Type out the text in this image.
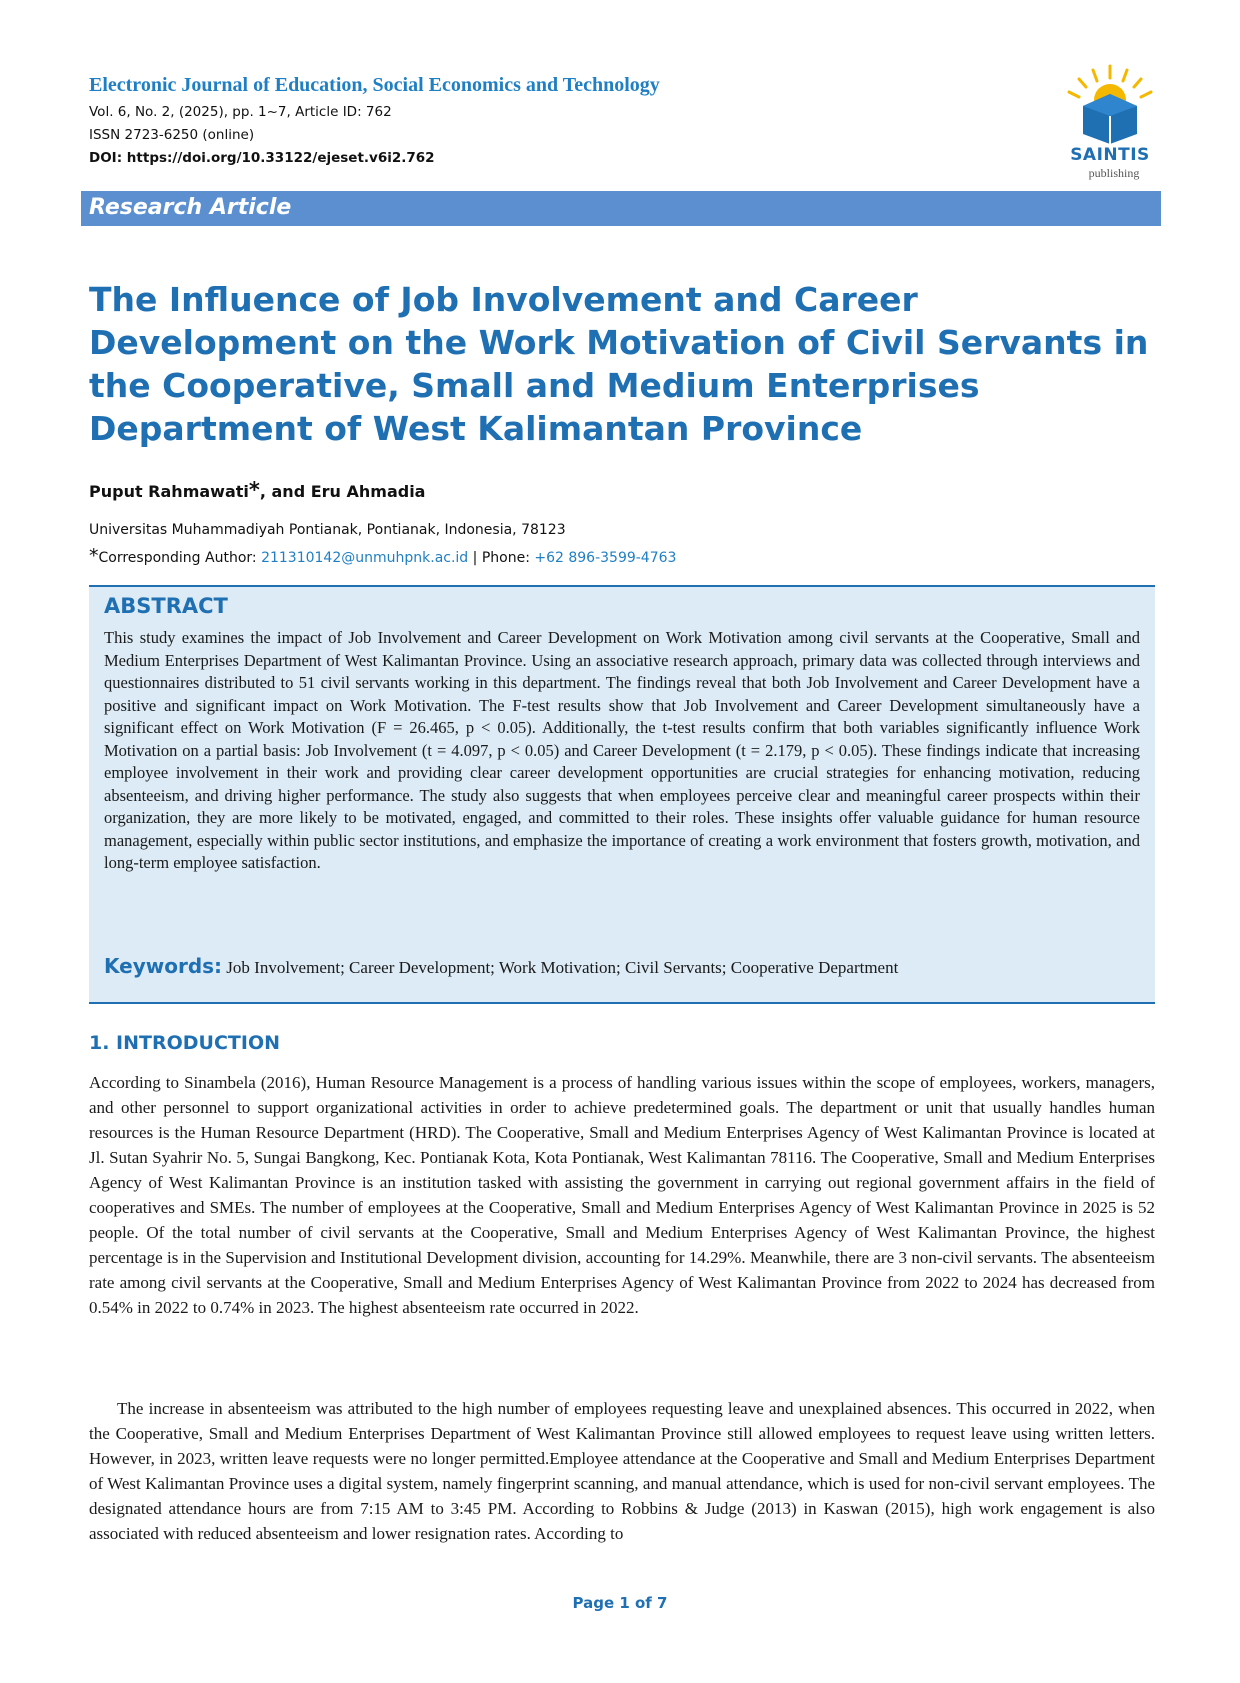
Electronic Journal of Education, Social Economics and Technology
Vol. 6, No. 2, (2025), pp. 1~7, Article ID: 762
ISSN 2723-6250 (online)
DOI: https://doi.org/10.33122/ejeset.v6i2.762	SAINTIS
publishing
Research Article
The Influence of Job Involvement and Career Development on the Work Motivation of Civil Servants in the Cooperative, Small and Medium Enterprises Department of West Kalimantan Province
Puput Rahmawati*, and Eru Ahmadia
Universitas Muhammadiyah Pontianak, Pontianak, Indonesia, 78123
*Corresponding Author: 211310142@unmuhpnk.ac.id | Phone: +62 896-3599-4763
ABSTRACT

This study examines the impact of Job Involvement and Career Development on Work Motivation among civil servants at the Cooperative, Small and Medium Enterprises Department of West Kalimantan Province. Using an associative research approach, primary data was collected through interviews and questionnaires distributed to 51 civil servants working in this department. The findings reveal that both Job Involvement and Career Development have a positive and significant impact on Work Motivation. The F-test results show that Job Involvement and Career Development simultaneously have a significant effect on Work Motivation (F = 26.465, p < 0.05). Additionally, the t-test results confirm that both variables significantly influence Work Motivation on a partial basis: Job Involvement (t = 4.097, p < 0.05) and Career Development (t = 2.179, p < 0.05). These findings indicate that increasing employee involvement in their work and providing clear career development opportunities are crucial strategies for enhancing motivation, reducing absenteeism, and driving higher performance. The study also suggests that when employees perceive clear and meaningful career prospects within their organization, they are more likely to be motivated, engaged, and committed to their roles. These insights offer valuable guidance for human resource management, especially within public sector institutions, and emphasize the importance of creating a work environment that fosters growth, motivation, and long-term employee satisfaction.

Keywords: Job Involvement; Career Development; Work Motivation; Civil Servants; Cooperative Department
1. INTRODUCTION

According to Sinambela (2016), Human Resource Management is a process of handling various issues within the scope of employees, workers, managers, and other personnel to support organizational activities in order to achieve predetermined goals. The department or unit that usually handles human resources is the Human Resource Department (HRD). The Cooperative, Small and Medium Enterprises Agency of West Kalimantan Province is located at Jl. Sutan Syahrir No. 5, Sungai Bangkong, Kec. Pontianak Kota, Kota Pontianak, West Kalimantan 78116. The Cooperative, Small and Medium Enterprises Agency of West Kalimantan Province is an institution tasked with assisting the government in carrying out regional government affairs in the field of cooperatives and SMEs. The number of employees at the Cooperative, Small and Medium Enterprises Agency of West Kalimantan Province in 2025 is 52 people. Of the total number of civil servants at the Cooperative, Small and Medium Enterprises Agency of West Kalimantan Province, the highest percentage is in the Supervision and Institutional Development division, accounting for 14.29%. Meanwhile, there are 3 non-civil servants. The absenteeism rate among civil servants at the Cooperative, Small and Medium Enterprises Agency of West Kalimantan Province from 2022 to 2024 has decreased from 0.54% in 2022 to 0.74% in 2023. The highest absenteeism rate occurred in 2022.

The increase in absenteeism was attributed to the high number of employees requesting leave and unexplained absences. This occurred in 2022, when the Cooperative, Small and Medium Enterprises Department of West Kalimantan Province still allowed employees to request leave using written letters. However, in 2023, written leave requests were no longer permitted.Employee attendance at the Cooperative and Small and Medium Enterprises Department of West Kalimantan Province uses a digital system, namely fingerprint scanning, and manual attendance, which is used for non-civil servant employees. The designated attendance hours are from 7:15 AM to 3:45 PM. According to Robbins & Judge (2013) in Kaswan (2015), high work engagement is also associated with reduced absenteeism and lower resignation rates. According to

Page 1 of 7
